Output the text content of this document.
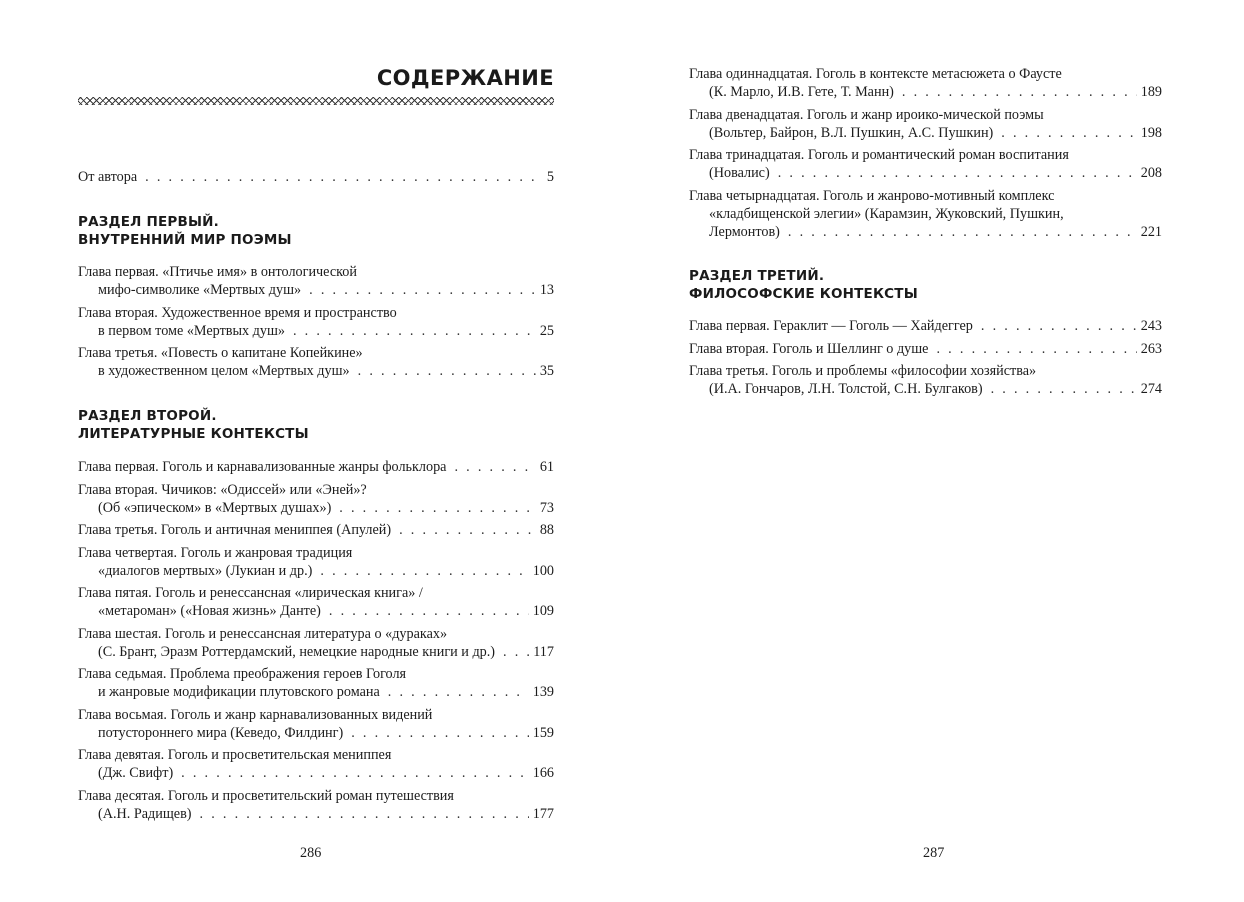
СОДЕРЖАНИЕ
От автора . . .	5
РАЗДЕЛ ПЕРВЫЙ.
ВНУТРЕННИЙ МИР ПОЭМЫ
Глава первая. «Птичье имя» в онтологической
мифо-символике «Мертвых душ» . . .	13
Глава вторая. Художественное время и пространство
в первом томе «Мертвых душ» . . .	25
Глава третья. «Повесть о капитане Копейкине»
в художественном целом «Мертвых душ» . . .	35
РАЗДЕЛ ВТОРОЙ.
ЛИТЕРАТУРНЫЕ КОНТЕКСТЫ
Глава первая. Гоголь и карнавализованные жанры фольклора . . .	61
Глава вторая. Чичиков: «Одиссей» или «Эней»?
(Об «эпическом» в «Мертвых душах») . . .	73
Глава третья. Гоголь и античная мениппея (Апулей) . . .	88
Глава четвертая. Гоголь и жанровая традиция
«диалогов мертвых» (Лукиан и др.) . . .	100
Глава пятая. Гоголь и ренессансная «лирическая книга» /
«метароман» («Новая жизнь» Данте) . . .	109
Глава шестая. Гоголь и ренессансная литература о «дураках»
(С. Брант, Эразм Роттердамский, немецкие народные книги и др.) . . .	117
Глава седьмая. Проблема преображения героев Гоголя
и жанровые модификации плутовского романа . . .	139
Глава восьмая. Гоголь и жанр карнавализованных видений
потустороннего мира (Кеведо, Филдинг) . . .	159
Глава девятая. Гоголь и просветительская мениппея
(Дж. Свифт) . . .	166
Глава десятая. Гоголь и просветительский роман путешествия
(А.Н. Радищев) . . .	177
286
Глава одиннадцатая. Гоголь в контексте метасюжета о Фаусте
(К. Марло, И.В. Гете, Т. Манн) . . .	189
Глава двенадцатая. Гоголь и жанр ироико-мической поэмы
(Вольтер, Байрон, В.Л. Пушкин, А.С. Пушкин) . . .	198
Глава тринадцатая. Гоголь и романтический роман воспитания
(Новалис) . . .	208
Глава четырнадцатая. Гоголь и жанрово-мотивный комплекс
«кладбищенской элегии» (Карамзин, Жуковский, Пушкин,
Лермонтов) . . .	221
РАЗДЕЛ ТРЕТИЙ.
ФИЛОСОФСКИЕ КОНТЕКСТЫ
Глава первая. Гераклит — Гоголь — Хайдеггер . . .	243
Глава вторая. Гоголь и Шеллинг о душе . . .	263
Глава третья. Гоголь и проблемы «философии хозяйства»
(И.А. Гончаров, Л.Н. Толстой, С.Н. Булгаков) . . .	274
287
